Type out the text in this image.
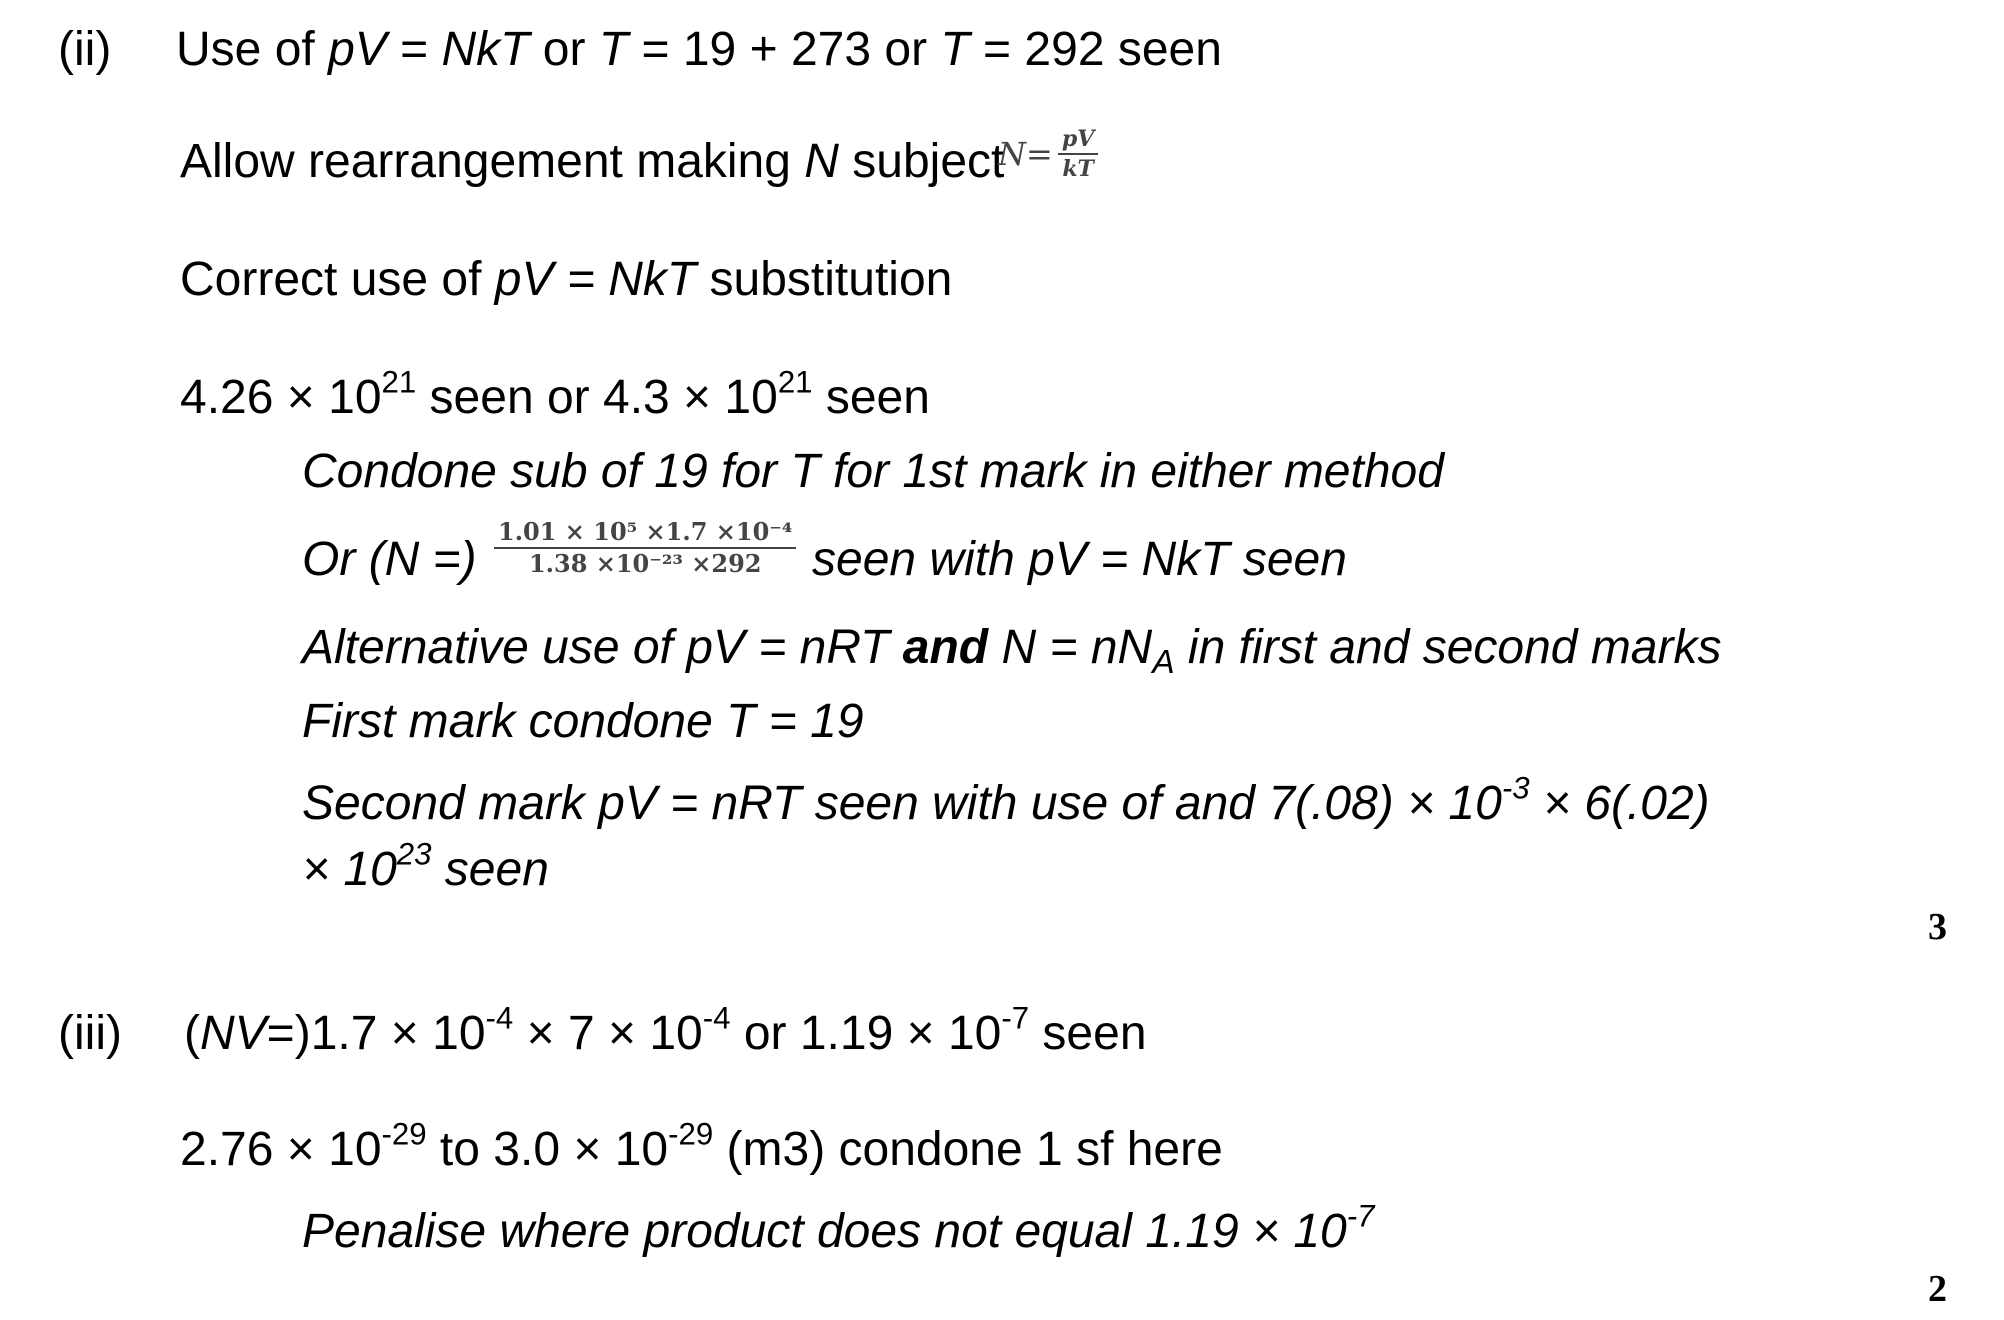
(ii) Use of pV = NkT or T = 19 + 273 or T = 292 seen
Allow rearrangement making N subject
$N= \frac{pV}{kT}$
Correct use of pV = NkT substitution
$4.26 \times 10^{21}$ seen or $4.3 \times 10^{21}$ seen
Condone sub of 19 for T for 1st mark in either method
Or (N =) $\frac{\text{1.01 × 10⁵ ×1.7 ×10⁻⁴}}{\text{1.38 ×10⁻²³ ×292}}$ seen with pV = NkT seen
Alternative use of pV = nRT and $N = nN_A$ in first and second marks
First mark condone T = 19
Second mark pV = nRT seen with use of and $7(.08) \times 10^{-3} \times 6(.02)$
× $10^{23}$ seen
3
(iii) $(NV=)1.7 \times 10^{-4} \times 7 \times 10^{-4}$ or $1.19 \times 10^{-7}$ seen
$2.76 \times 10^{-29}$ to $3.0 \times 10^{-29}$ (m3) condone 1 sf here
Penalise where product does not equal $1.19 \times 10^{-7}$
2
